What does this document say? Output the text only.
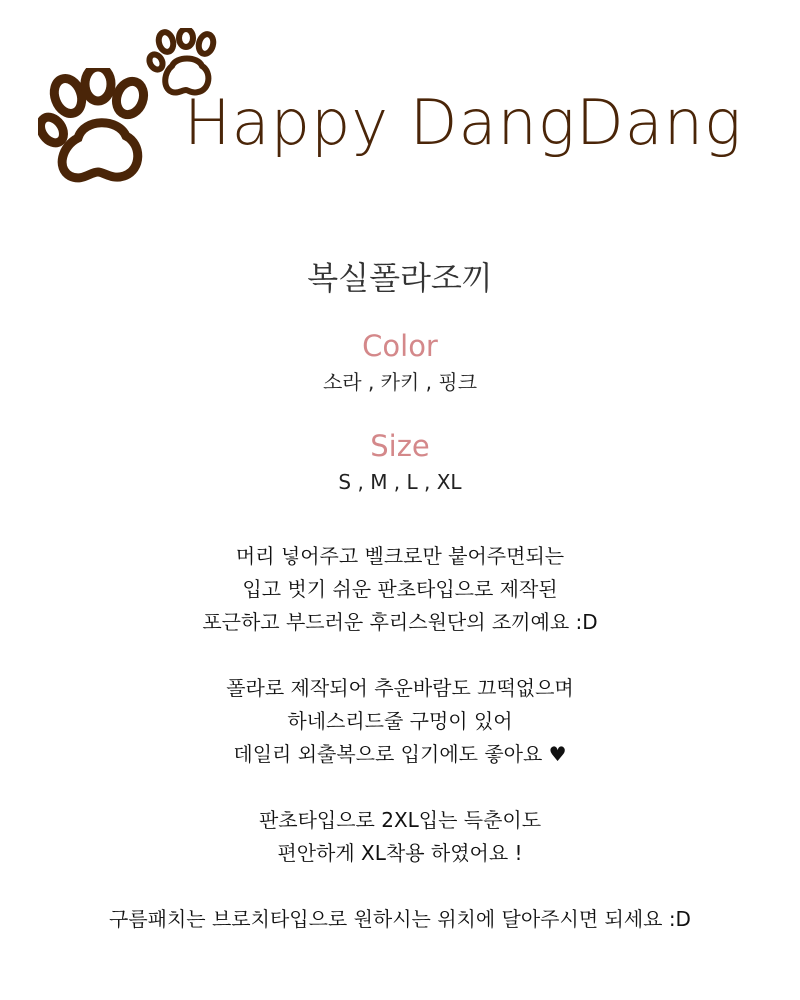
Happy DangDang
복실폴라조끼

Color

소라 , 카키 , 핑크

Size

S , M , L , XL

머리 넣어주고 벨크로만 붙어주면되는
입고 벗기 쉬운 판초타입으로 제작된
포근하고 부드러운 후리스원단의 조끼예요 :D

폴라로 제작되어 추운바람도 끄떡없으며
하네스리드줄 구멍이 있어
데일리 외출복으로 입기에도 좋아요 ♥

판초타입으로 2XL입는 득춘이도
편안하게 XL착용 하였어요 !

구름패치는 브로치타입으로 원하시는 위치에 달아주시면 되세요 :D
